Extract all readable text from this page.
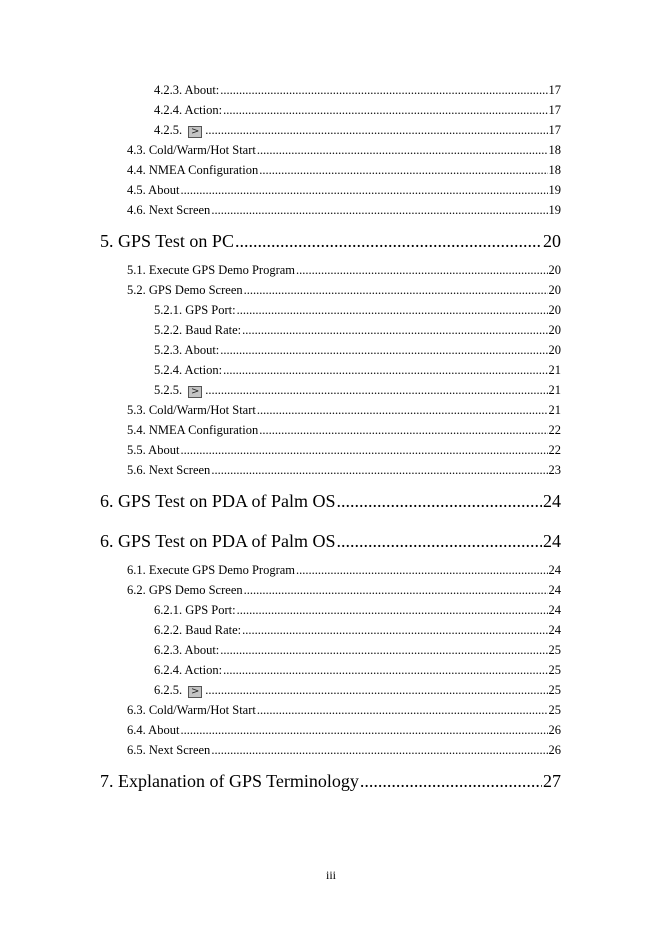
4.2.3. About: .....	17
4.2.4. Action: .....	17
4.2.5. > .....	17
4.3. Cold/Warm/Hot Start .....	18
4.4. NMEA Configuration .....	18
4.5. About .....	19
4.6. Next Screen .....	19
5. GPS Test on PC .....	20
5.1. Execute GPS Demo Program .....	20
5.2. GPS Demo Screen .....	20
5.2.1. GPS Port: .....	20
5.2.2. Baud Rate: .....	20
5.2.3. About: .....	20
5.2.4. Action: .....	21
5.2.5. > .....	21
5.3. Cold/Warm/Hot Start .....	21
5.4. NMEA Configuration .....	22
5.5. About .....	22
5.6. Next Screen .....	23
6. GPS Test on PDA of Palm OS .....	24
6. GPS Test on PDA of Palm OS .....	24
6.1. Execute GPS Demo Program .....	24
6.2. GPS Demo Screen .....	24
6.2.1. GPS Port: .....	24
6.2.2. Baud Rate: .....	24
6.2.3. About: .....	25
6.2.4. Action: .....	25
6.2.5. > .....	25
6.3. Cold/Warm/Hot Start .....	25
6.4. About .....	26
6.5. Next Screen .....	26
7. Explanation of GPS Terminology .....	27
iii
